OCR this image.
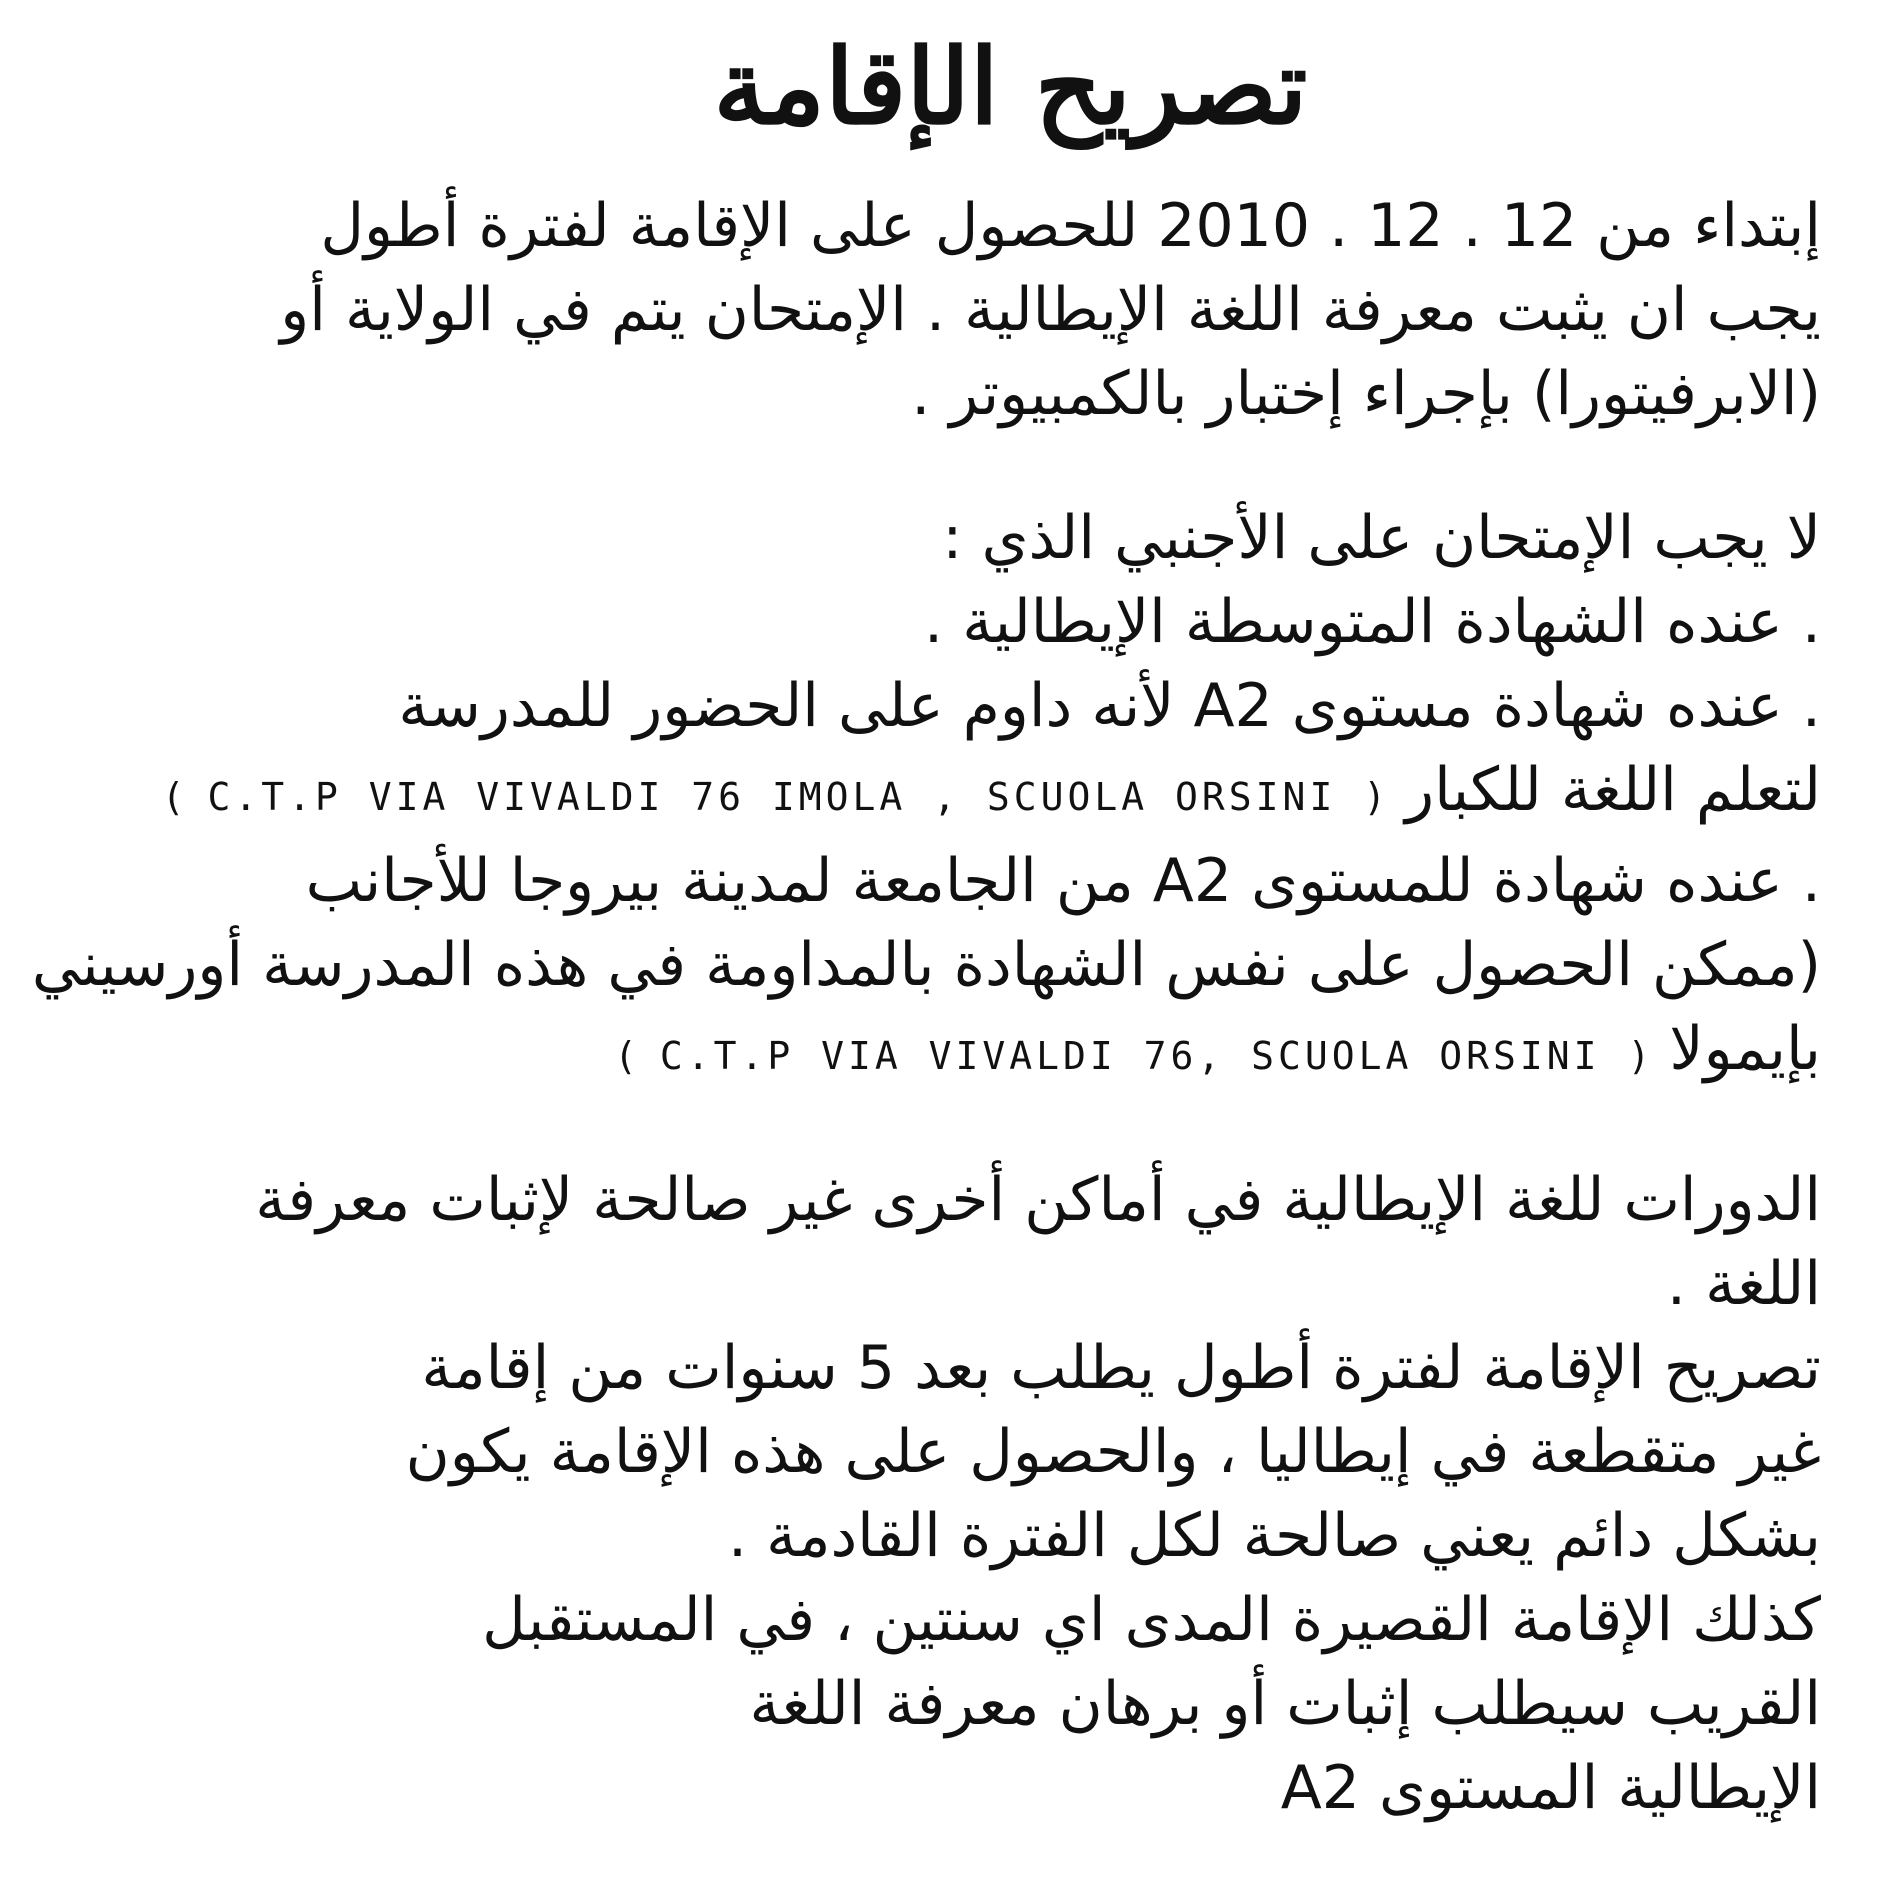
تصريح الإقامة

إبتداء من 12 . 12 . 2010 للحصول على الإقامة لفترة أطول

يجب ان يثبت معرفة اللغة الإيطالية . الإمتحان يتم في الولاية أو

(الابرفيتورا) بإجراء إختبار بالكمبيوتر .

لا يجب الإمتحان على الأجنبي الذي :

. عنده الشهادة المتوسطة الإيطالية .

. عنده شهادة مستوى A2 لأنه داوم على الحضور للمدرسة

لتعلم اللغة للكبار ( C.T.P VIA VIVALDI 76 IMOLA , SCUOLA ORSINI )

. عنده شهادة للمستوى A2 من الجامعة لمدينة بيروجا للأجانب

(ممكن الحصول على نفس الشهادة بالمداومة في هذه المدرسة أورسيني

بإيمولا ( C.T.P VIA VIVALDI 76, SCUOLA ORSINI )

الدورات للغة الإيطالية في أماكن أخرى غير صالحة لإثبات معرفة

اللغة .

تصريح الإقامة لفترة أطول يطلب بعد 5 سنوات من إقامة

غير متقطعة في إيطاليا ، والحصول على هذه الإقامة يكون

بشكل دائم يعني صالحة لكل الفترة القادمة .

كذلك الإقامة القصيرة المدى اي سنتين ، في المستقبل

القريب سيطلب إثبات أو برهان معرفة اللغة

الإيطالية المستوى A2
